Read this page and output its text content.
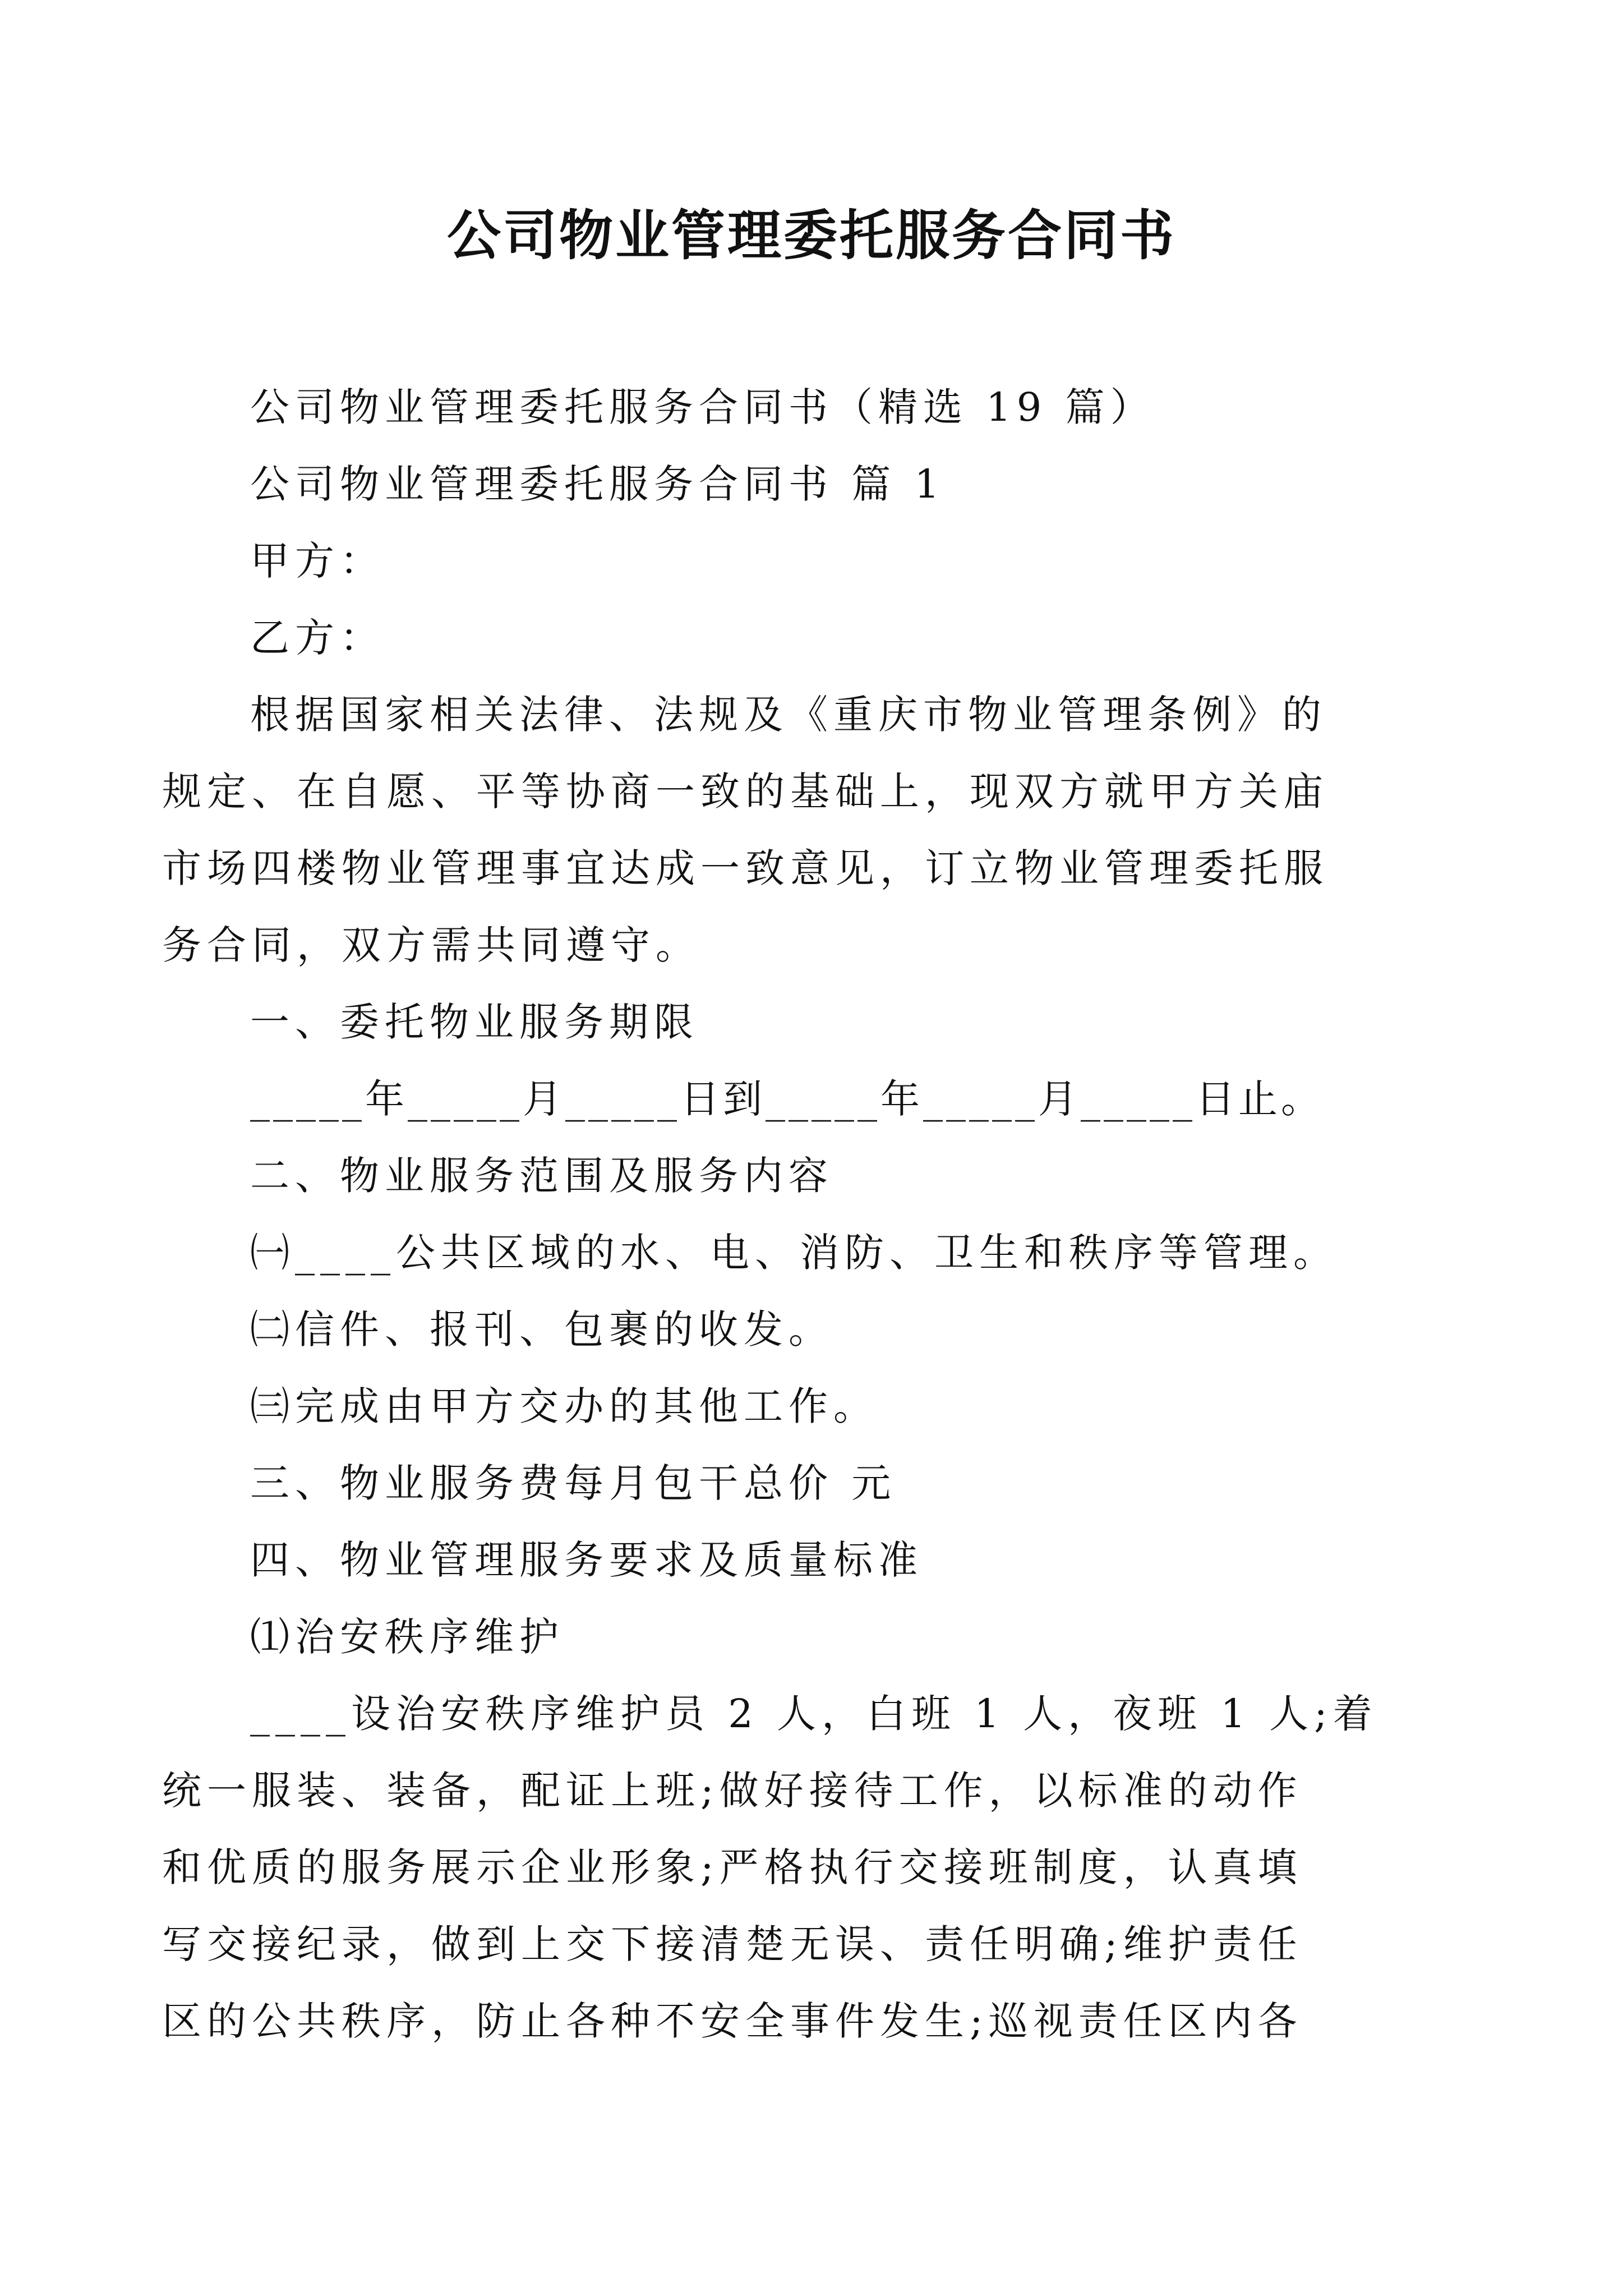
公司物业管理委托服务合同书

公司物业管理委托服务合同书（精选 19 篇）

公司物业管理委托服务合同书 篇 1

甲方：

乙方：

根据国家相关法律、法规及《重庆市物业管理条例》的
规定、在自愿、平等协商一致的基础上，现双方就甲方关庙
市场四楼物业管理事宜达成一致意见，订立物业管理委托服
务合同，双方需共同遵守。

一、委托物业服务期限

_____年_____月_____日到_____年_____月_____日止。

二、物业服务范围及服务内容

㈠____公共区域的水、电、消防、卫生和秩序等管理。

㈡信件、报刊、包裹的收发。

㈢完成由甲方交办的其他工作。

三、物业服务费每月包干总价 元

四、物业管理服务要求及质量标准

⑴治安秩序维护

____设治安秩序维护员 2 人，白班 1 人，夜班 1 人;着
统一服装、装备，配证上班;做好接待工作，以标准的动作
和优质的服务展示企业形象;严格执行交接班制度，认真填
写交接纪录，做到上交下接清楚无误、责任明确;维护责任
区的公共秩序，防止各种不安全事件发生;巡视责任区内各
